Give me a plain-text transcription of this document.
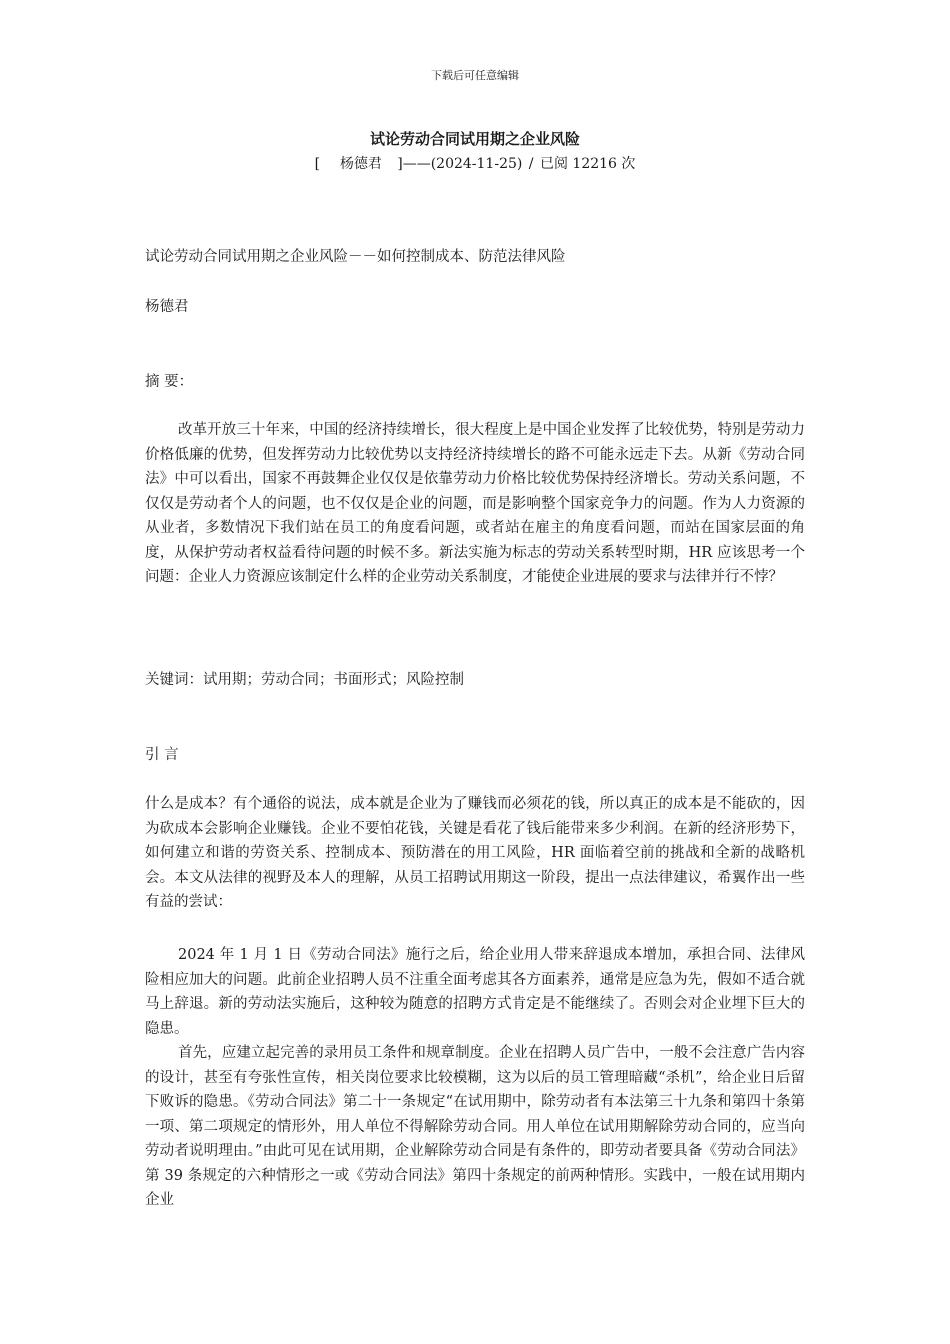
下载后可任意编辑
试论劳动合同试用期之企业风险
[ 杨德君 ]——(2024-11-25) / 已阅 12216 次
试论劳动合同试用期之企业风险－－如何控制成本、防范法律风险
杨德君
摘 要：
改革开放三十年来，中国的经济持续增长，很大程度上是中国企业发挥了比较优势，特别是劳动力价格低廉的优势，但发挥劳动力比较优势以支持经济持续增长的路不可能永远走下去。从新《劳动合同法》中可以看出，国家不再鼓舞企业仅仅是依靠劳动力价格比较优势保持经济增长。劳动关系问题，不仅仅是劳动者个人的问题，也不仅仅是企业的问题，而是影响整个国家竞争力的问题。作为人力资源的从业者，多数情况下我们站在员工的角度看问题，或者站在雇主的角度看问题，而站在国家层面的角度，从保护劳动者权益看待问题的时候不多。新法实施为标志的劳动关系转型时期，HR 应该思考一个问题：企业人力资源应该制定什么样的企业劳动关系制度，才能使企业进展的要求与法律并行不悖？
关键词：试用期；劳动合同；书面形式；风险控制
引 言
什么是成本？有个通俗的说法，成本就是企业为了赚钱而必须花的钱，所以真正的成本是不能砍的，因为砍成本会影响企业赚钱。企业不要怕花钱，关键是看花了钱后能带来多少利润。在新的经济形势下，如何建立和谐的劳资关系、控制成本、预防潜在的用工风险，HR 面临着空前的挑战和全新的战略机会。本文从法律的视野及本人的理解，从员工招聘试用期这一阶段，提出一点法律建议，希翼作出一些有益的尝试：

2024 年 1 月 1 日《劳动合同法》施行之后，给企业用人带来辞退成本增加，承担合同、法律风险相应加大的问题。此前企业招聘人员不注重全面考虑其各方面素养，通常是应急为先，假如不适合就马上辞退。新的劳动法实施后，这种较为随意的招聘方式肯定是不能继续了。否则会对企业埋下巨大的隐患。

首先，应建立起完善的录用员工条件和规章制度。企业在招聘人员广告中，一般不会注意广告内容的设计，甚至有夸张性宣传，相关岗位要求比较模糊，这为以后的员工管理暗藏“杀机”，给企业日后留下败诉的隐患。《劳动合同法》第二十一条规定“在试用期中，除劳动者有本法第三十九条和第四十条第一项、第二项规定的情形外，用人单位不得解除劳动合同。用人单位在试用期解除劳动合同的，应当向劳动者说明理由。”由此可见在试用期，企业解除劳动合同是有条件的，即劳动者要具备《劳动合同法》第 39 条规定的六种情形之一或《劳动合同法》第四十条规定的前两种情形。实践中，一般在试用期内企业
